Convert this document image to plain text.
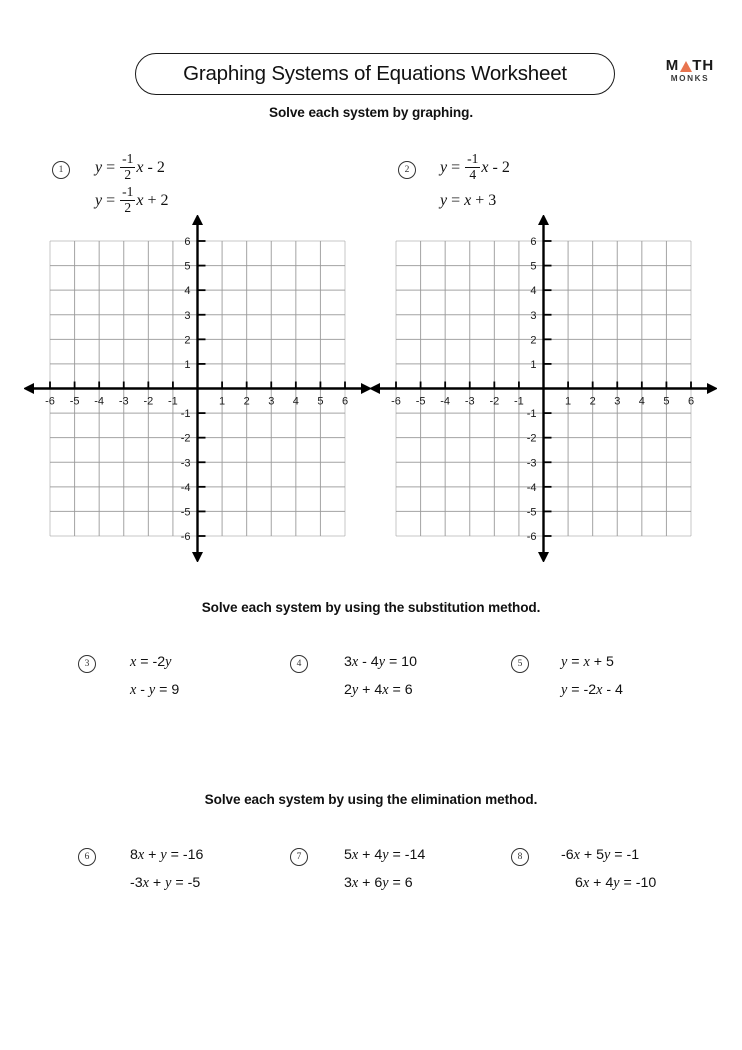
Graphing Systems of Equations Worksheet	M TH
MONKS
Solve each system by graphing.
Solve each system by using the substitution method.
Solve each system by using the elimination method.
1	$y = \frac{-1}{2}$ x - 2
$y = \frac{-1}{2}$ x + 2
2	$y = \frac{-1}{4}$ x - 2
y = x + 3
3	x = -2y
x - y = 9
4	3x - 4y = 10
2y + 4x = 6
5	y = x + 5
y = -2x - 4
6	8x + y = -16
-3x + y = -5
7	5x + 4y = -14
3x + 6y = 6
8	-6x + 5y = -1
6x + 4y = -10
-6 -5 -4 -3 -2 -1	1 2 3 4 5 6
6
5
4
3
2
1
-1
-2
-3
-4
-5
-6
-6 -5 -4 -3 -2 -1	1 2 3 4 5 6
6
5
4
3
2
1
-1
-2
-3
-4
-5
-6
